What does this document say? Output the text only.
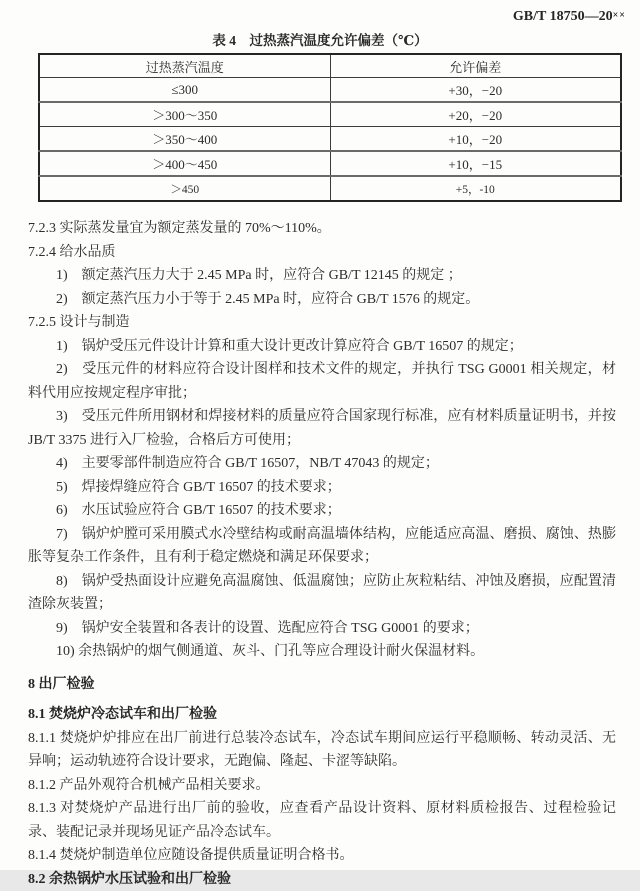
GB/T 18750—20××
表 4　过热蒸汽温度允许偏差（℃）
过热蒸汽温度	允许偏差
≤300	+30，−20
＞300～350	+20，−20
＞350～400	+10，−20
＞400～450	+10，−15
＞450	+5，-10

7.2.3 实际蒸发量宜为额定蒸发量的 70%～110%。

7.2.4 给水品质

1)　额定蒸汽压力大于 2.45 MPa 时，应符合 GB/T 12145 的规定 ；

2)　额定蒸汽压力小于等于 2.45 MPa 时，应符合 GB/T 1576 的规定。

7.2.5 设计与制造

1)　锅炉受压元件设计计算和重大设计更改计算应符合 GB/T 16507 的规定；

2)　受压元件的材料应符合设计图样和技术文件的规定，并执行 TSG G0001 相关规定，材料代用应按规定程序审批；

3)　受压元件所用钢材和焊接材料的质量应符合国家现行标准，应有材料质量证明书，并按 JB/T 3375 进行入厂检验，合格后方可使用；

4)　主要零部件制造应符合 GB/T 16507，NB/T 47043 的规定；

5)　焊接焊缝应符合 GB/T 16507 的技术要求；

6)　水压试验应符合 GB/T 16507 的技术要求；

7)　锅炉炉膛可采用膜式水冷壁结构或耐高温墙体结构，应能适应高温、磨损、腐蚀、热膨胀等复杂工作条件，且有利于稳定燃烧和满足环保要求；

8)　锅炉受热面设计应避免高温腐蚀、低温腐蚀；应防止灰粒粘结、冲蚀及磨损，应配置清渣除灰装置；

9)　锅炉安全装置和各表计的设置、选配应符合 TSG G0001 的要求；

10) 余热锅炉的烟气侧通道、灰斗、门孔等应合理设计耐火保温材料。

8 出厂检验

8.1 焚烧炉冷态试车和出厂检验

8.1.1 焚烧炉炉排应在出厂前进行总装冷态试车，冷态试车期间应运行平稳顺畅、转动灵活、无异响；运动轨迹符合设计要求，无跑偏、隆起、卡涩等缺陷。

8.1.2 产品外观符合机械产品相关要求。

8.1.3 对焚烧炉产品进行出厂前的验收，应查看产品设计资料、原材料质检报告、过程检验记录、装配记录并现场见证产品冷态试车。

8.1.4 焚烧炉制造单位应随设备提供质量证明合格书。

8.2 余热锅炉水压试验和出厂检验
